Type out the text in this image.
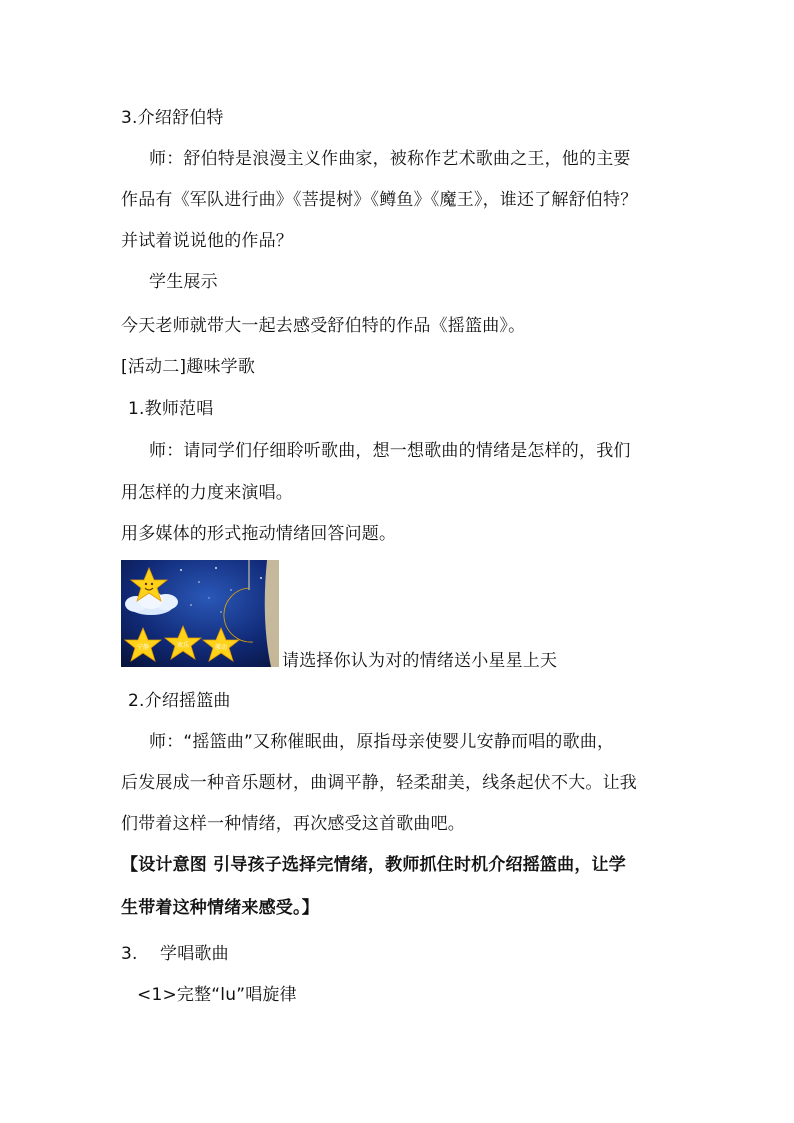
3.介绍舒伯特
师：舒伯特是浪漫主义作曲家，被称作艺术歌曲之王，他的主要
作品有《军队进行曲》《菩提树》《鳟鱼》《魔王》，谁还了解舒伯特？
并试着说说他的作品？
学生展示
今天老师就带大一起去感受舒伯特的作品《摇篮曲》。
[活动二]趣味学歌
1.教师范唱
师：请同学们仔细聆听歌曲，想一想歌曲的情绪是怎样的，我们
用怎样的力度来演唱。
用多媒体的形式拖动情绪回答问题。
宁静	欢乐	激动
请选择你认为对的情绪送小星星上天
2.介绍摇篮曲
师：“摇篮曲”又称催眠曲，原指母亲使婴儿安静而唱的歌曲，
后发展成一种音乐题材，曲调平静，轻柔甜美，线条起伏不大。让我
们带着这样一种情绪，再次感受这首歌曲吧。
【设计意图 引导孩子选择完情绪，教师抓住时机介绍摇篮曲，让学
生带着这种情绪来感受。】
3.    学唱歌曲
<1>完整“lu”唱旋律
